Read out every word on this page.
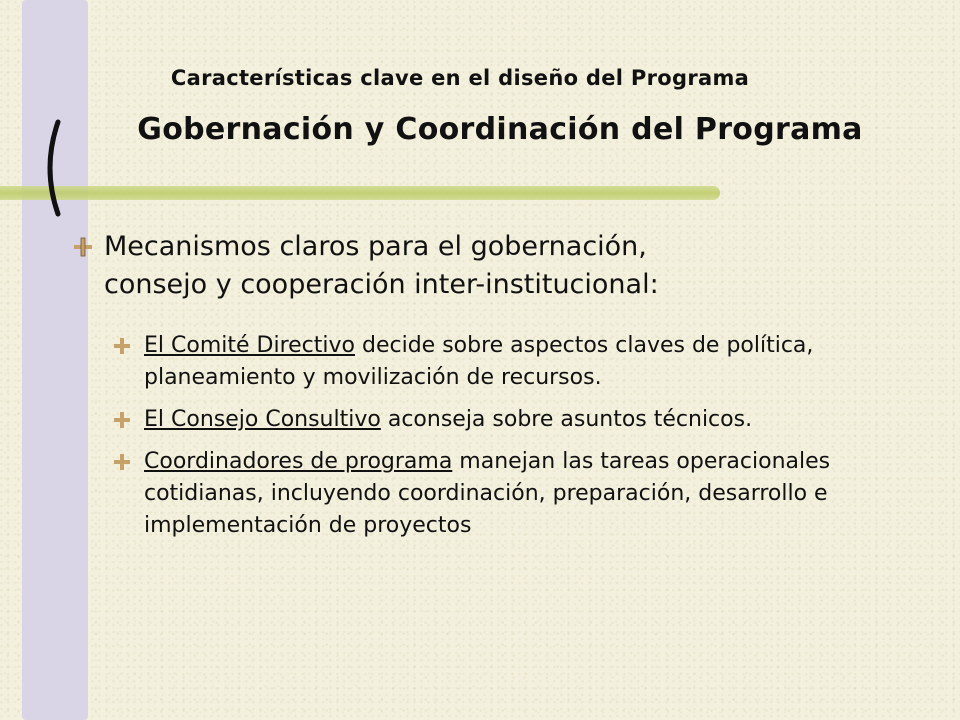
Características clave en el diseño del Programa
Gobernación y Coordinación del Programa
Mecanismos claros para el gobernación,
consejo y cooperación inter-institucional:
El Comité Directivo decide sobre aspectos claves de política, planeamiento y movilización de recursos.
El Consejo Consultivo aconseja sobre asuntos técnicos.
Coordinadores de programa manejan las tareas operacionales cotidianas, incluyendo coordinación, preparación, desarrollo e implementación de proyectos
